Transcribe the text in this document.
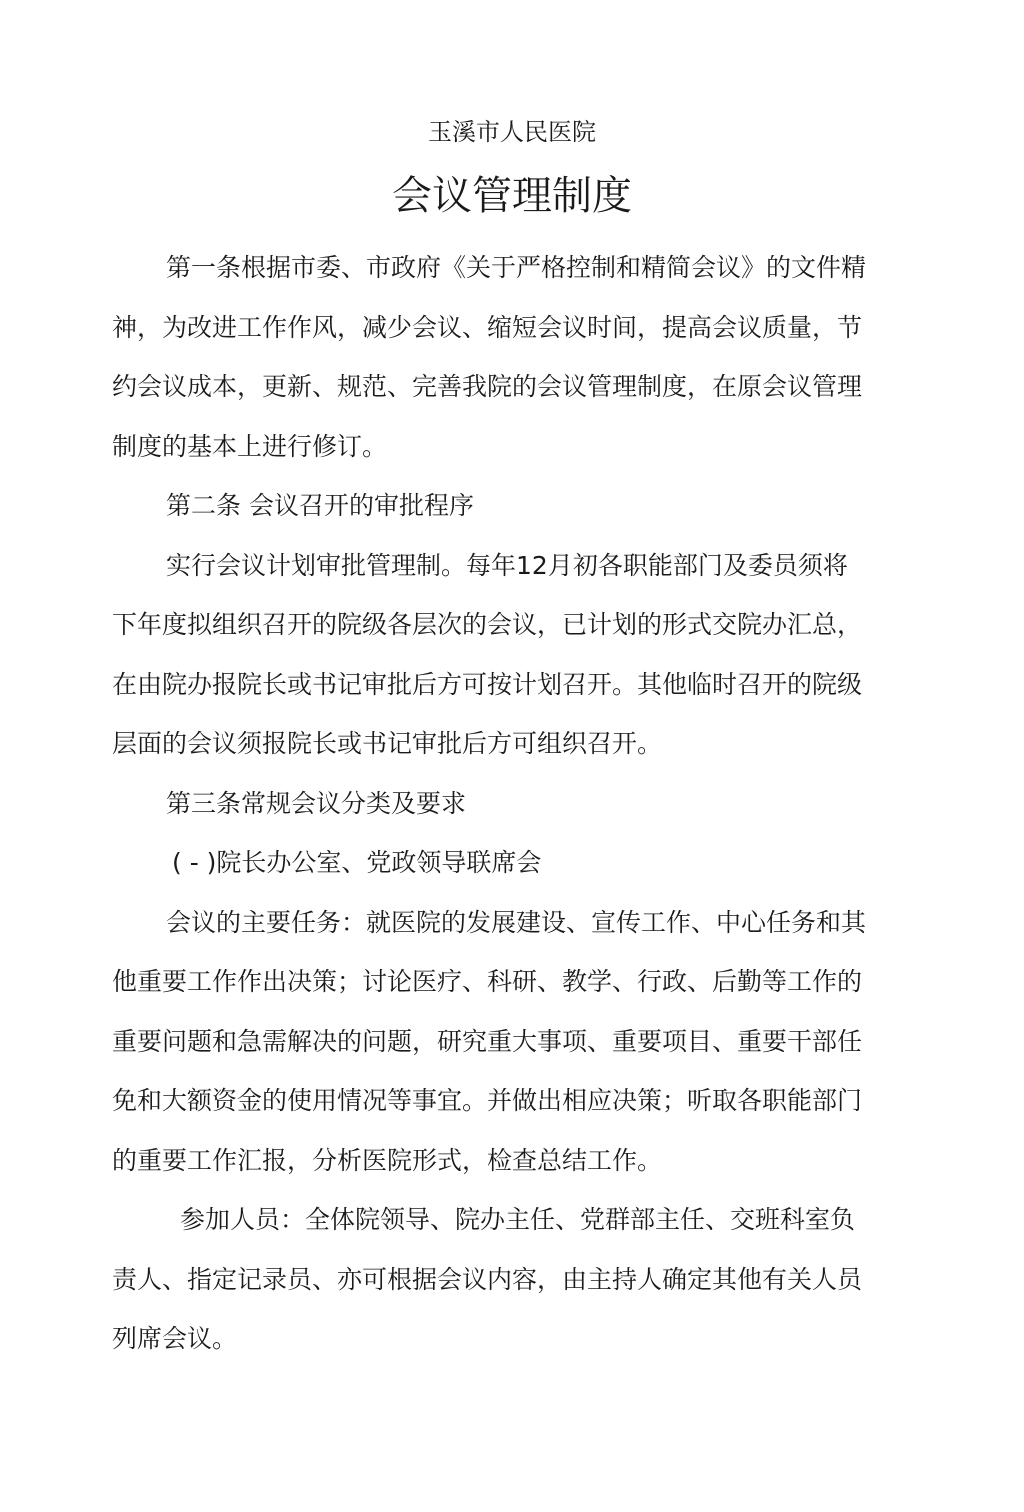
玉溪市人民医院
会议管理制度

第一条根据市委、市政府《关于严格控制和精简会议》的文件精神，为改进工作作风，减少会议、缩短会议时间，提高会议质量，节约会议成本，更新、规范、完善我院的会议管理制度，在原会议管理制度的基本上进行修订。

第二条 会议召开的审批程序

实行会议计划审批管理制。每年12月初各职能部门及委员须将下年度拟组织召开的院级各层次的会议，已计划的形式交院办汇总，在由院办报院长或书记审批后方可按计划召开。其他临时召开的院级层面的会议须报院长或书记审批后方可组织召开。

第三条常规会议分类及要求

( - )院长办公室、党政领导联席会

会议的主要任务：就医院的发展建设、宣传工作、中心任务和其他重要工作作出决策；讨论医疗、科研、教学、行政、后勤等工作的重要问题和急需解决的问题，研究重大事项、重要项目、重要干部任免和大额资金的使用情况等事宜。并做出相应决策；听取各职能部门的重要工作汇报，分析医院形式，检查总结工作。

参加人员：全体院领导、院办主任、党群部主任、交班科室负责人、指定记录员、亦可根据会议内容，由主持人确定其他有关人员列席会议。
